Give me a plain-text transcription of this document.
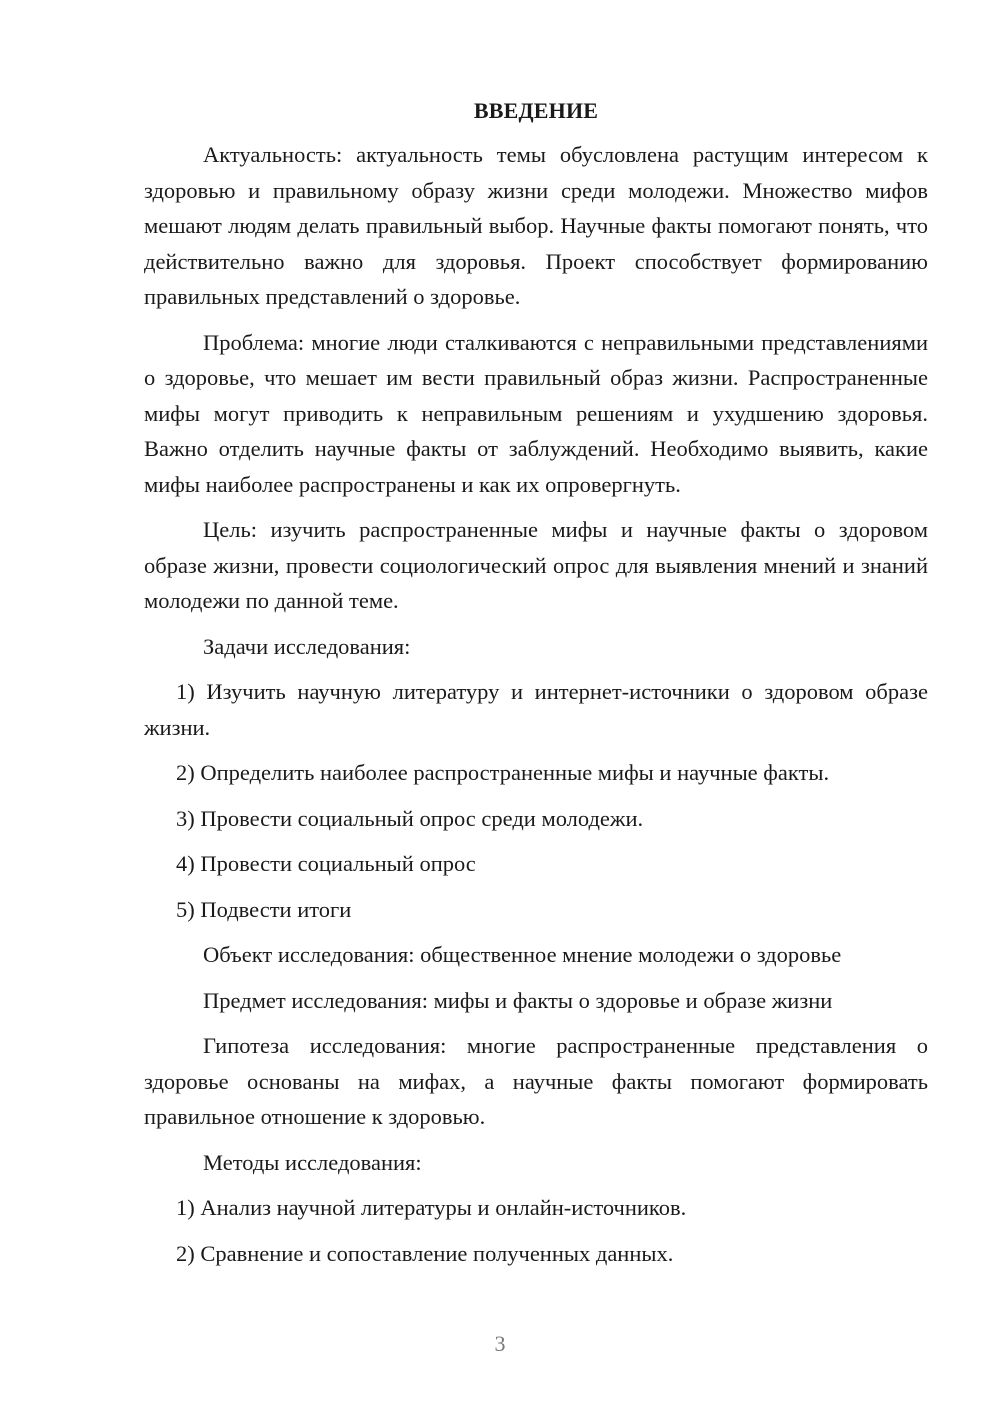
ВВЕДЕНИЕ

Актуальность: актуальность темы обусловлена растущим интересом к здоровью и правильному образу жизни среди молодежи. Множество мифов мешают людям делать правильный выбор. Научные факты помогают понять, что действительно важно для здоровья. Проект способствует формированию правильных представлений о здоровье.

Проблема: многие люди сталкиваются с неправильными представлениями о здоровье, что мешает им вести правильный образ жизни. Распространенные мифы могут приводить к неправильным решениям и ухудшению здоровья. Важно отделить научные факты от заблуждений. Необходимо выявить, какие мифы наиболее распространены и как их опровергнуть.

Цель: изучить распространенные мифы и научные факты о здоровом образе жизни, провести социологический опрос для выявления мнений и знаний молодежи по данной теме.

Задачи исследования:

1) Изучить научную литературу и интернет-источники о здоровом образе жизни.

2) Определить наиболее распространенные мифы и научные факты.

3) Провести социальный опрос среди молодежи.

4) Провести социальный опрос

5) Подвести итоги

Объект исследования: общественное мнение молодежи о здоровье

Предмет исследования: мифы и факты о здоровье и образе жизни

Гипотеза исследования: многие распространенные представления о здоровье основаны на мифах, а научные факты помогают формировать правильное отношение к здоровью.

Методы исследования:

1) Анализ научной литературы и онлайн-источников.

2) Сравнение и сопоставление полученных данных.

3
